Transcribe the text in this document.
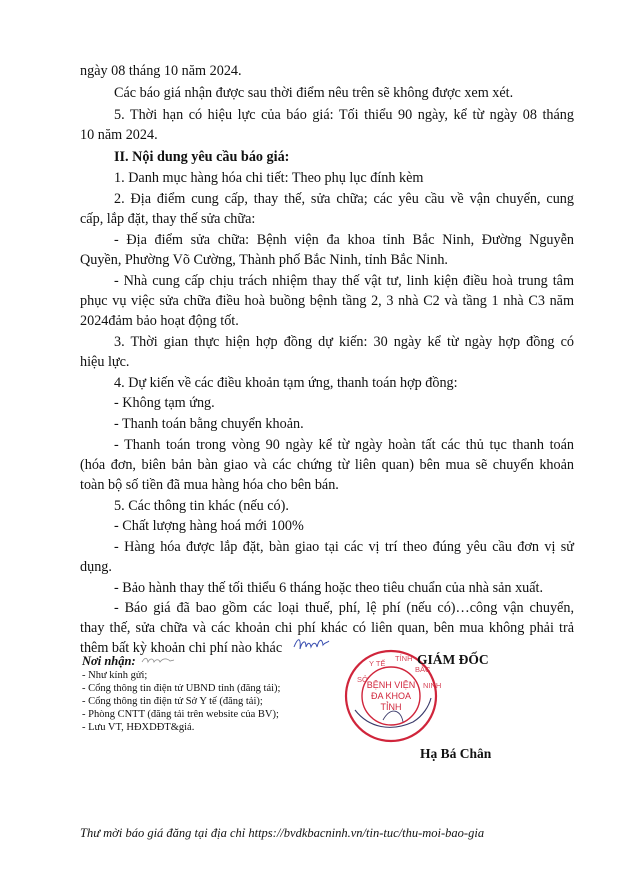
ngày 08 tháng 10 năm 2024.
Các báo giá nhận được sau thời điểm nêu trên sẽ không được xem xét.
5. Thời hạn có hiệu lực của báo giá: Tối thiểu 90 ngày, kể từ ngày 08 tháng
10 năm 2024.
II. Nội dung yêu cầu báo giá:
1. Danh mục hàng hóa chi tiết: Theo phụ lục đính kèm
2. Địa điểm cung cấp, thay thế, sửa chữa; các yêu cầu về vận chuyển, cung
cấp, lắp đặt, thay thế sửa chữa:
- Địa điểm sửa chữa: Bệnh viện đa khoa tỉnh Bắc Ninh, Đường Nguyễn
Quyền, Phường Võ Cường, Thành phố Bắc Ninh, tỉnh Bắc Ninh.
- Nhà cung cấp chịu trách nhiệm thay thế vật tư, linh kiện điều hoà trung tâm
phục vụ việc sửa chữa điều hoà buồng bệnh tầng 2, 3 nhà C2 và tầng 1 nhà C3 năm
2024đảm bảo hoạt động tốt.
3. Thời gian thực hiện hợp đồng dự kiến: 30 ngày kể từ ngày hợp đồng có
hiệu lực.
4. Dự kiến về các điều khoản tạm ứng, thanh toán hợp đồng:
- Không tạm ứng.
- Thanh toán bằng chuyển khoản.
- Thanh toán trong vòng 90 ngày kể từ ngày hoàn tất các thủ tục thanh toán
(hóa đơn, biên bản bàn giao và các chứng từ liên quan) bên mua sẽ chuyển khoản
toàn bộ số tiền đã mua hàng hóa cho bên bán.
5. Các thông tin khác (nếu có).
- Chất lượng hàng hoá mới 100%
- Hàng hóa được lắp đặt, bàn giao tại các vị trí theo đúng yêu cầu đơn vị sử
dụng.
- Bảo hành thay thế tối thiểu 6 tháng hoặc theo tiêu chuẩn của nhà sản xuất.
- Báo giá đã bao gồm các loại thuế, phí, lệ phí (nếu có)…công vận chuyển,
thay thế, sửa chữa và các khoản chi phí khác có liên quan, bên mua không phải trả
thêm bất kỳ khoản chi phí nào khác
Nơi nhận:
- Như kính gửi;
- Cổng thông tin điện tử UBND tỉnh (đăng tải);
- Cổng thông tin điện tử Sở Y tế (đăng tải);
- Phòng CNTT (đăng tải trên website của BV);
- Lưu VT, HĐXDĐT&giá.
BỆNH VIỆN
ĐA KHOA
TỈNH
SỞY TẾTỈNHBẮC NINH
GIÁM ĐỐC
Hạ Bá Chân
Thư mời báo giá đăng tại địa chỉ https://bvdkbacninh.vn/tin-tuc/thu-moi-bao-gia
